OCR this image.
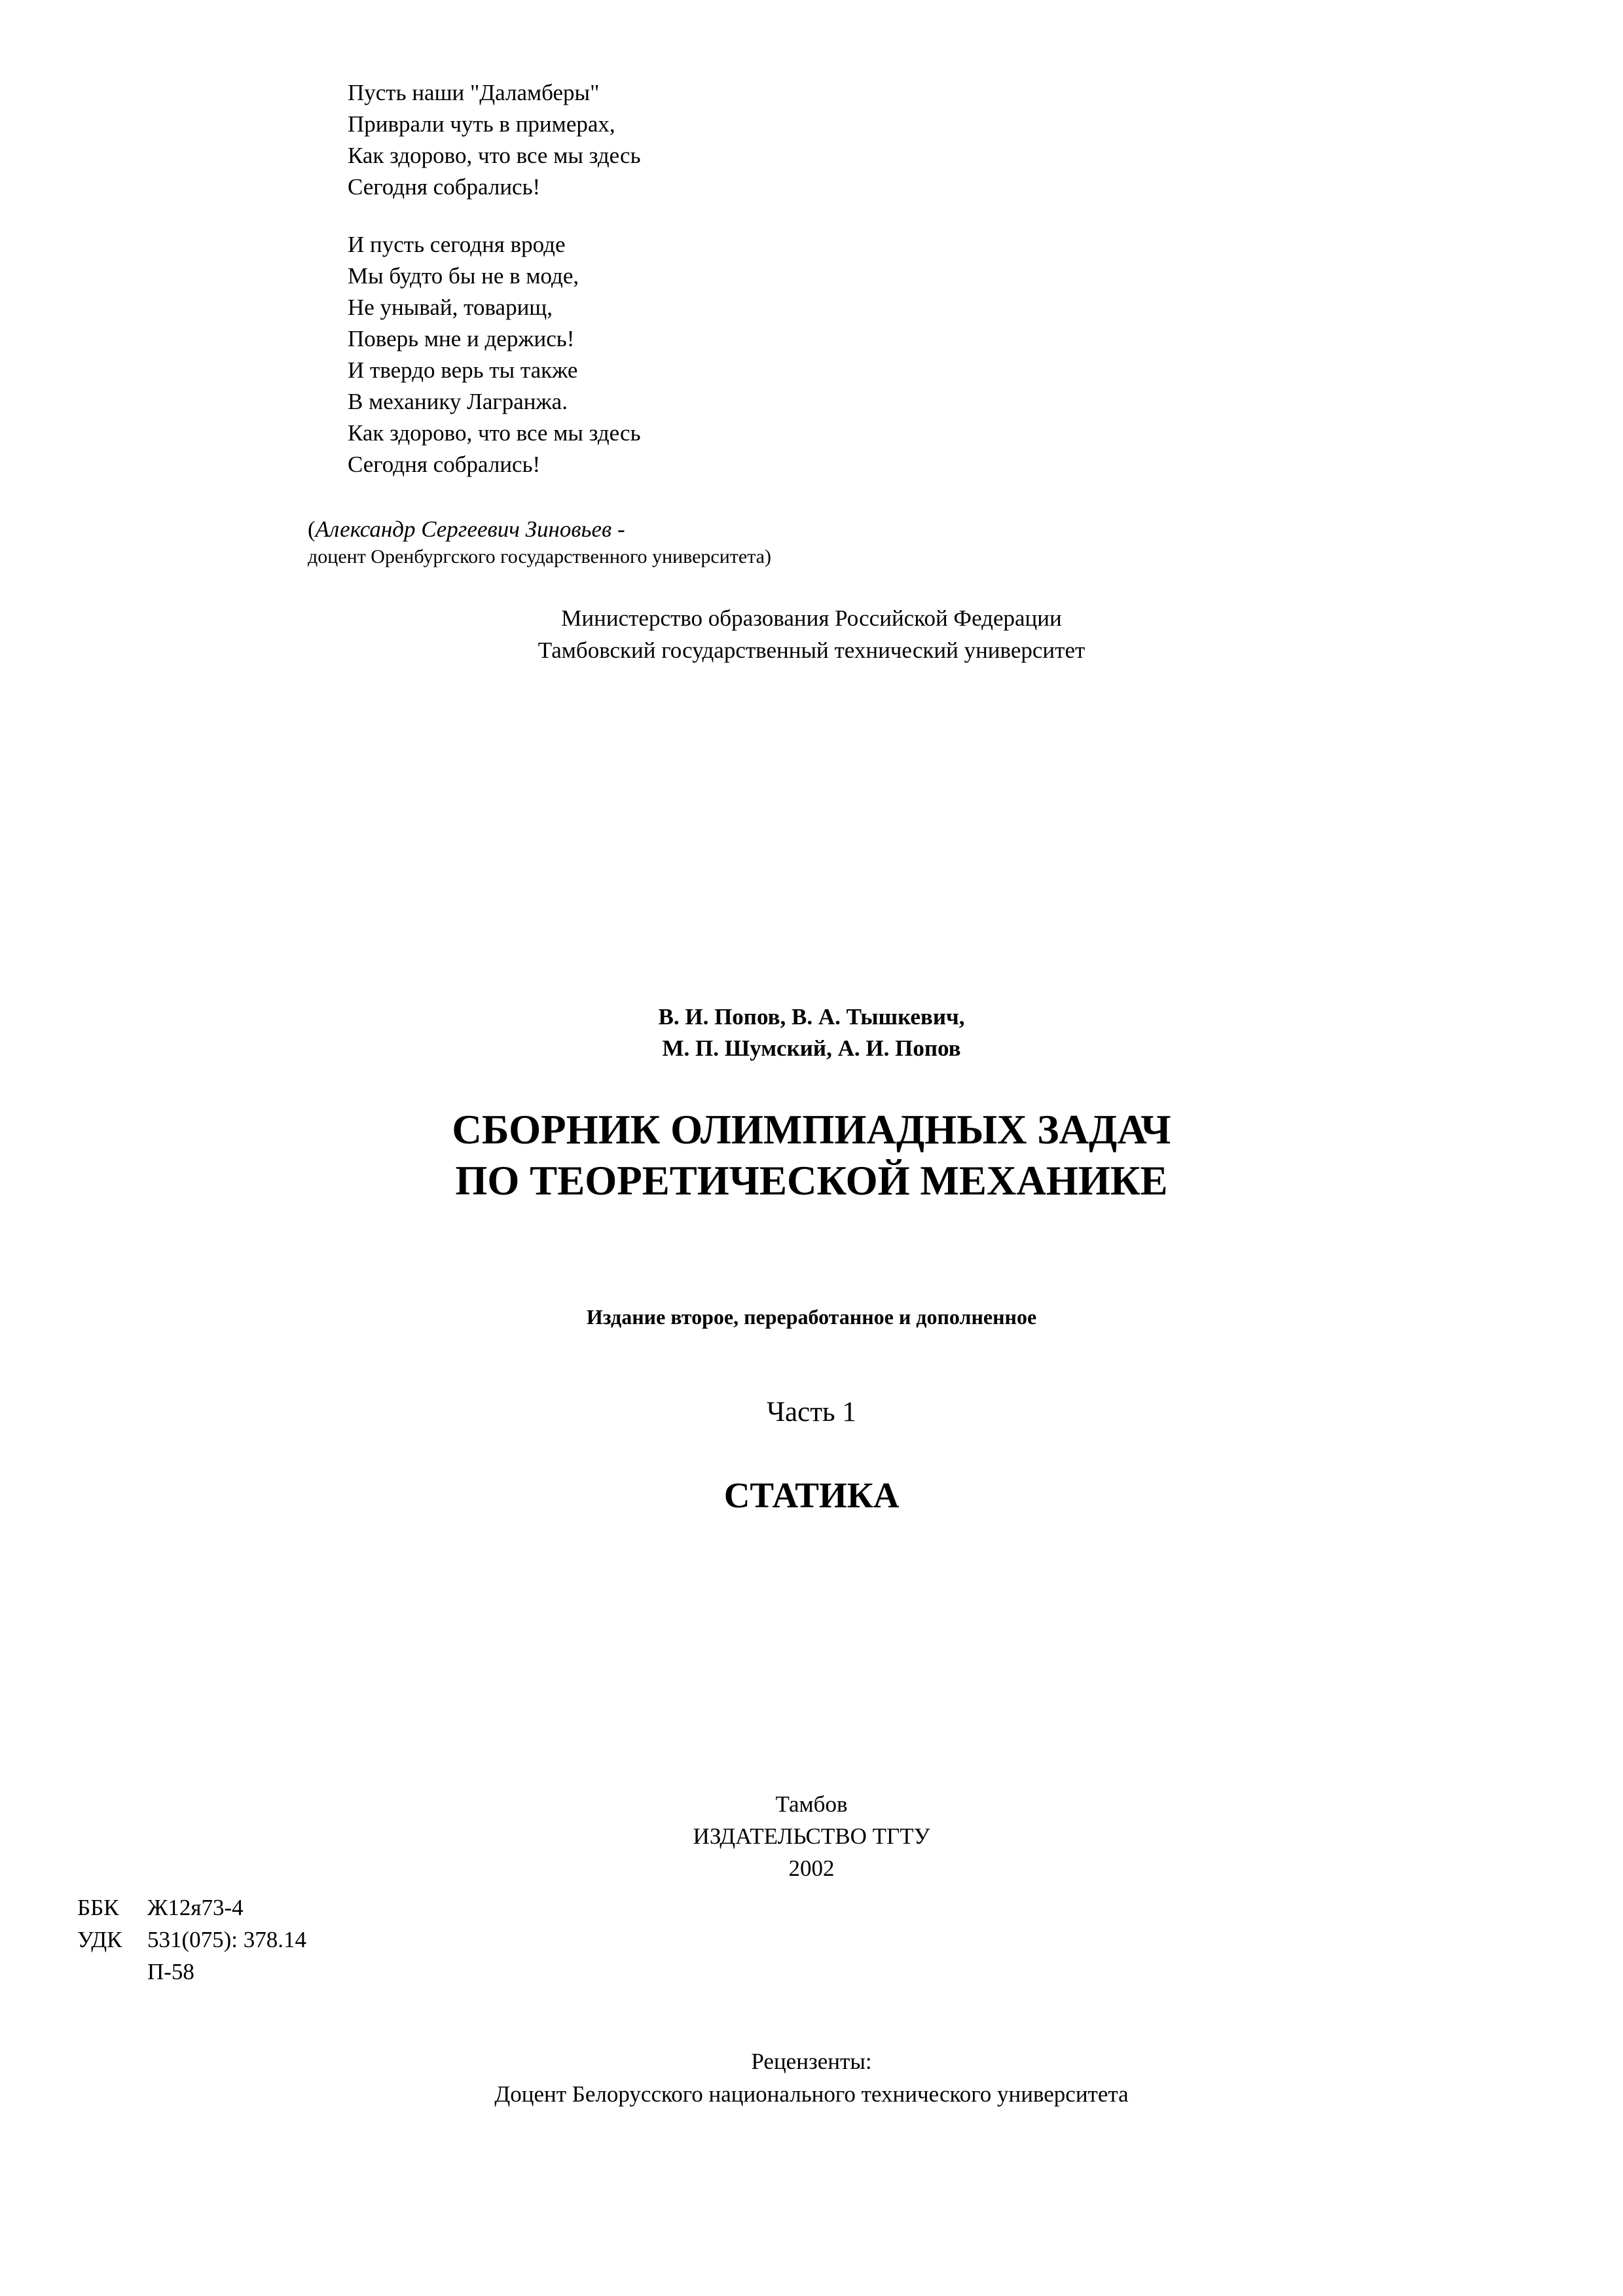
Пусть наши "Даламберы"
Приврали чуть в примерах,
Как здорово, что все мы здесь
Сегодня собрались!
И пусть сегодня вроде
Мы будто бы не в моде,
Не унывай, товарищ,
Поверь мне и держись!
И твердо верь ты также
В механику Лагранжа.
Как здорово, что все мы здесь
Сегодня собрались!
(Александр Сергеевич Зиновьев -
доцент Оренбургского государственного университета)
Министерство образования Российской Федерации
Тамбовский государственный технический университет
В. И. Попов, В. А. Тышкевич,
М. П. Шумский, А. И. Попов
СБОРНИК ОЛИМПИАДНЫХ ЗАДАЧ
ПО ТЕОРЕТИЧЕСКОЙ МЕХАНИКЕ
Издание второе, переработанное и дополненное
Часть 1
СТАТИКА
Тамбов
ИЗДАТЕЛЬСТВО ТГТУ
2002
ББК	Ж12я73-4
УДК	531(075): 378.14
П-58
Рецензенты:
Доцент Белорусского национального технического университета
